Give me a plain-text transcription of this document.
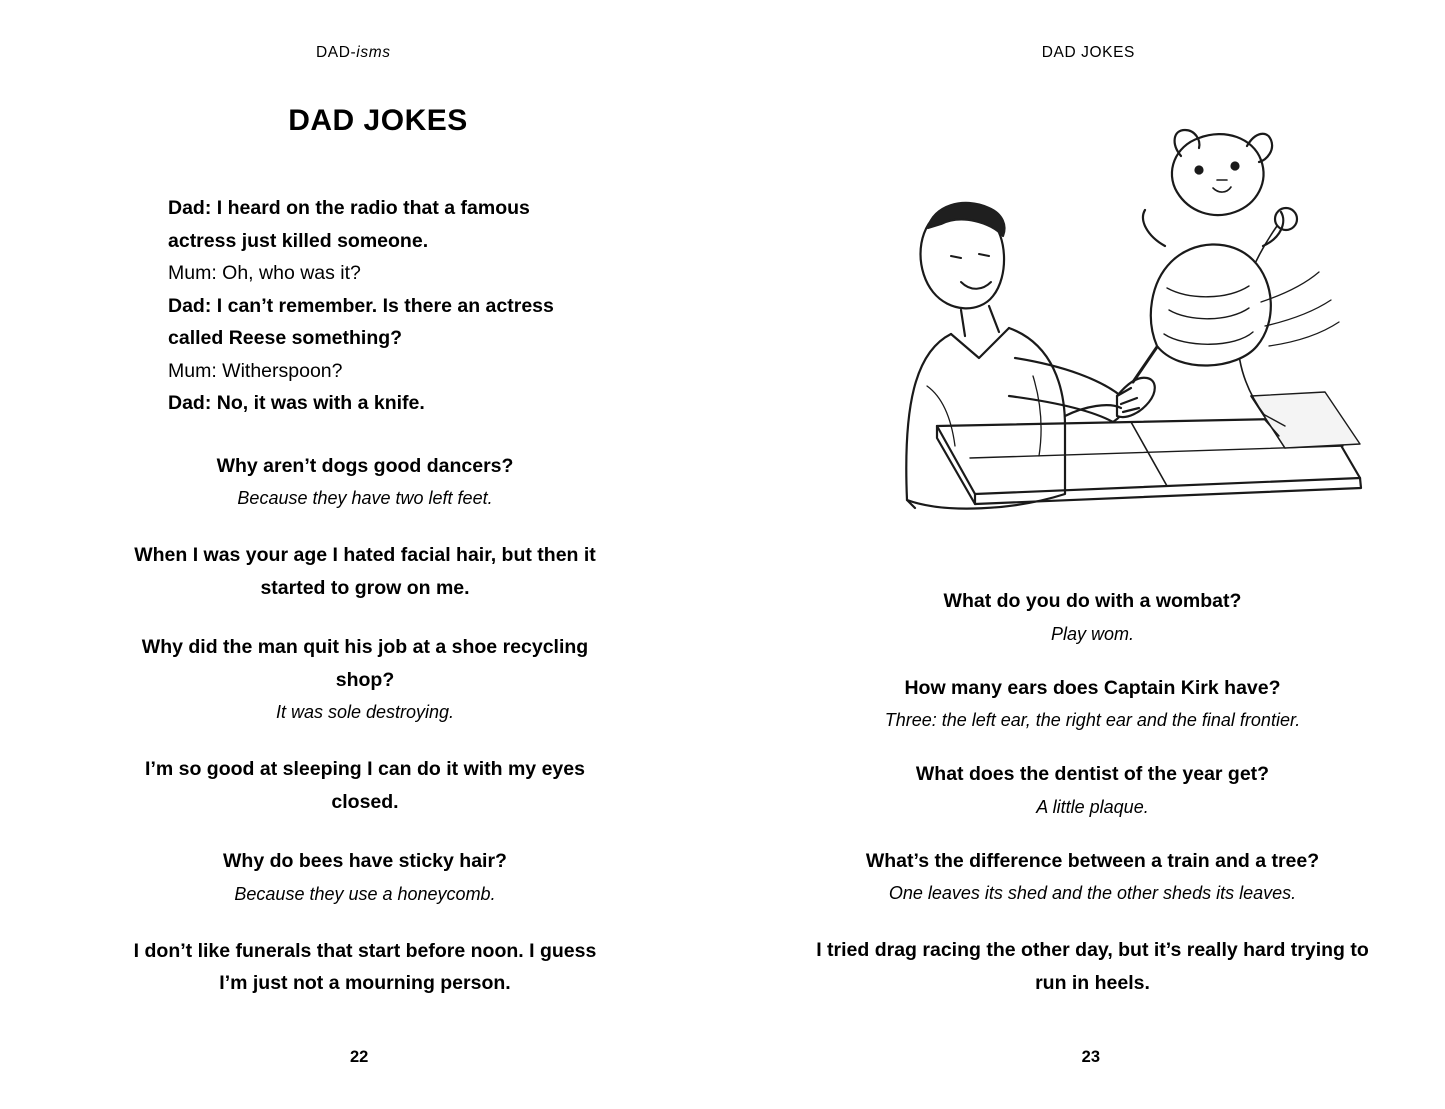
DAD-isms
DAD JOKES
Dad: I heard on the radio that a famous actress just killed someone.
Mum: Oh, who was it?
Dad: I can’t remember. Is there an actress called Reese something?
Mum: Witherspoon?
Dad: No, it was with a knife.
Why aren’t dogs good dancers?
Because they have two left feet.
When I was your age I hated facial hair, but then it started to grow on me.
Why did the man quit his job at a shoe recycling shop?
It was sole destroying.
I’m so good at sleeping I can do it with my eyes closed.
Why do bees have sticky hair?
Because they use a honeycomb.
I don’t like funerals that start before noon. I guess I’m just not a mourning person.
22
DAD JOKES
What do you do with a wombat?
Play wom.
How many ears does Captain Kirk have?
Three: the left ear, the right ear and the final frontier.
What does the dentist of the year get?
A little plaque.
What’s the difference between a train and a tree?
One leaves its shed and the other sheds its leaves.
I tried drag racing the other day, but it’s really hard trying to run in heels.
23
